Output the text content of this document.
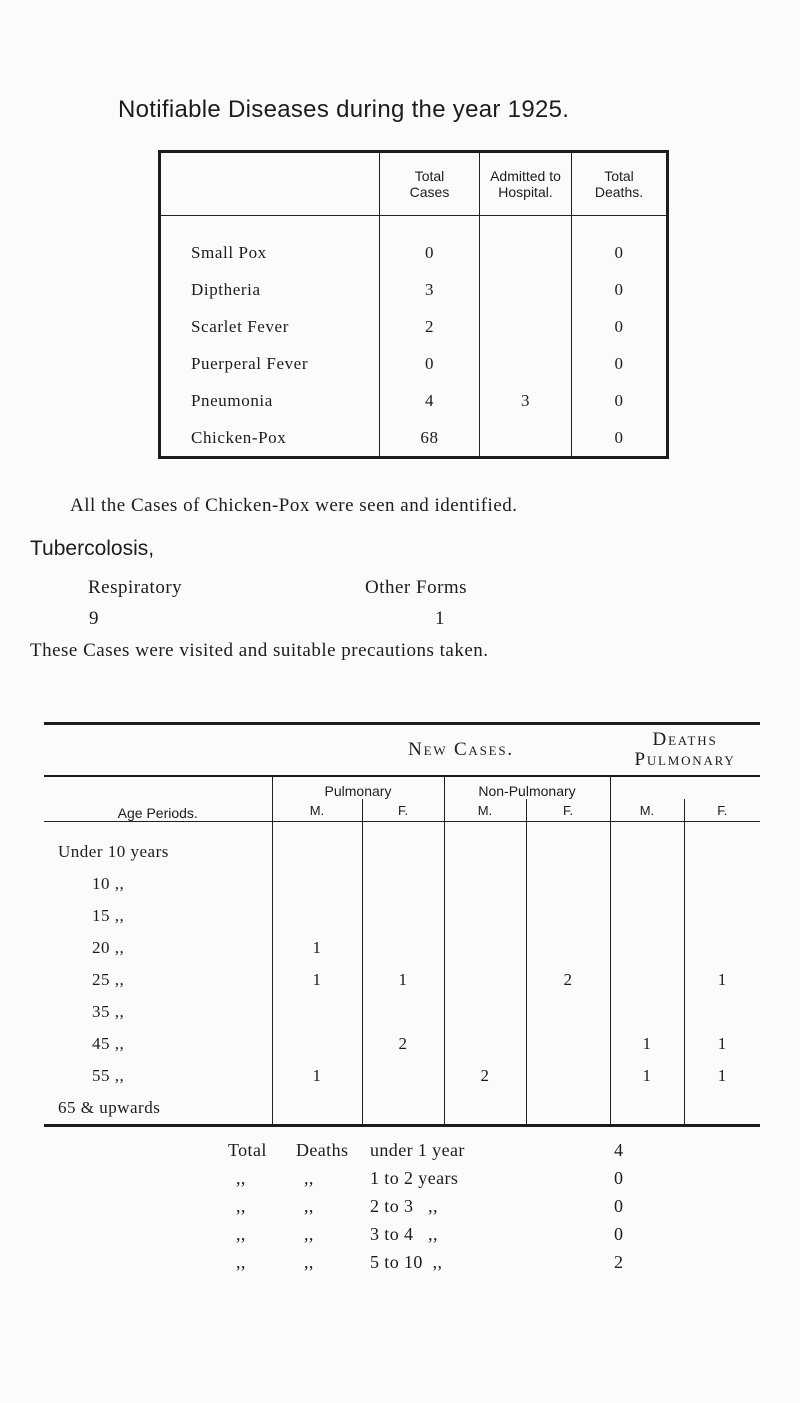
Notifiable Diseases during the year 1925.
	Total Cases	Admitted to Hospital.	Total Deaths.
Small Pox	0		0
Diptheria	3		0
Scarlet Fever	2		0
Puerperal Fever	0		0
Pneumonia	4	3	0
Chicken-Pox	68		0
All the Cases of Chicken-Pox were seen and identified.
Tubercolosis,
Respiratory	Other Forms
9	1
These Cases were visited and suitable precautions taken.
	New Cases.				Deaths
Pulmonary	
Age Periods.	Pulmonary		Non-Pulmonary			
	M.	F.	M.	F.	M.	F.
Under 10 years						
10 ,,						
15 ,,						
20 ,,	1					
25 ,,	1	1		2		1
35 ,,						
45 ,,		2			1	1
55 ,,	1		2		1	1
65 & upwards						
Total Deaths under 1 year	4
,,	,,	1 to 2 years	0
,,	,,	2 to 3   ,,	0
,,	,,	3 to 4   ,,	0
,,	,,	5 to 10  ,,	2
